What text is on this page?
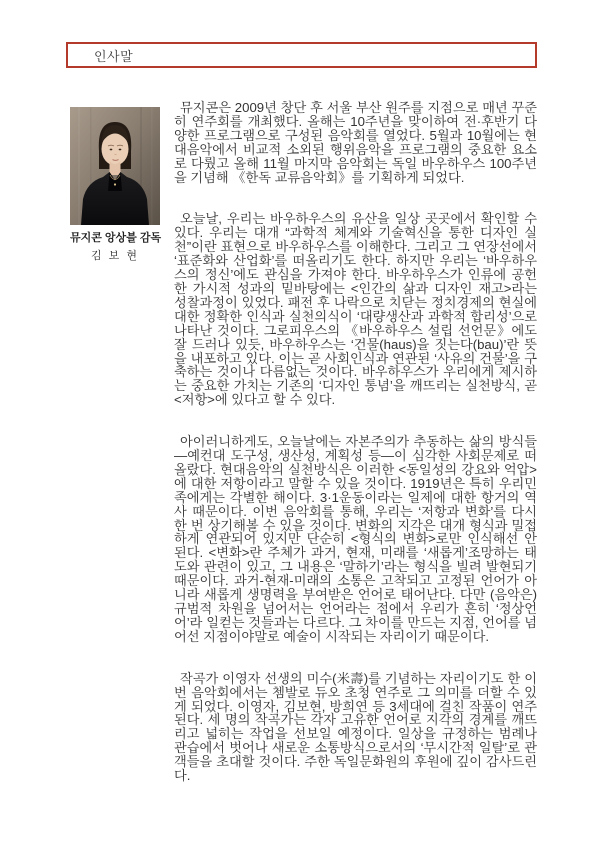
인사말
뮤지콘 앙상블 감독
김 보 현

뮤지콘은 2009년 창단 후 서울 부산 원주를 지점으로 매년 꾸준히 연주회를 개최했다. 올해는 10주년을 맞이하여 전·후반기 다양한 프로그램으로 구성된 음악회를 열었다. 5월과 10월에는 현대음악에서 비교적 소외된 행위음악을 프로그램의 중요한 요소로 다뤘고 올해 11월 마지막 음악회는 독일 바우하우스 100주년을 기념해 《한독 교류음악회》를 기획하게 되었다.

오늘날, 우리는 바우하우스의 유산을 일상 곳곳에서 확인할 수 있다. 우리는 대개 “과학적 체계와 기술혁신을 통한 디자인 실천”이란 표현으로 바우하우스를 이해한다. 그리고 그 연장선에서 ‘표준화와 산업화’를 떠올리기도 한다. 하지만 우리는 ‘바우하우스의 정신’에도 관심을 가져야 한다. 바우하우스가 인류에 공헌한 가시적 성과의 밑바탕에는 <인간의 삶과 디자인 재고>라는 성찰과정이 있었다. 패전 후 나락으로 치닫는 정치경제의 현실에 대한 정확한 인식과 실천의식이 ‘대량생산과 과학적 합리성’으로 나타난 것이다. 그로피우스의 《바우하우스 설립 선언문》에도 잘 드러나 있듯, 바우하우스는 ‘건물(haus)을 짓는다(bau)’란 뜻을 내포하고 있다. 이는 곧 사회인식과 연관된 ‘사유의 건물’을 구축하는 것이나 다름없는 것이다. 바우하우스가 우리에게 제시하는 중요한 가치는 기존의 ‘디자인 통념’을 깨뜨리는 실천방식, 곧 <저항>에 있다고 할 수 있다.

아이러니하게도, 오늘날에는 자본주의가 추동하는 삶의 방식들—예컨대 도구성, 생산성, 계획성 등—이 심각한 사회문제로 떠올랐다. 현대음악의 실천방식은 이러한 <동일성의 강요와 억압>에 대한 저항이라고 말할 수 있을 것이다. 1919년은 특히 우리민족에게는 각별한 해이다. 3·1운동이라는 일제에 대한 항거의 역사 때문이다. 이번 음악회를 통해, 우리는 ‘저항과 변화’를 다시 한 번 상기해볼 수 있을 것이다. 변화의 지각은 대개 형식과 밀접하게 연관되어 있지만 단순히 <형식의 변화>로만 인식해선 안 된다. <변화>란 주체가 과거, 현재, 미래를 ‘새롭게’조망하는 태도와 관련이 있고, 그 내용은 ‘말하기’라는 형식을 빌려 발현되기 때문이다. 과거-현재-미래의 소통은 고착되고 고정된 언어가 아니라 새롭게 생명력을 부여받은 언어로 태어난다. 다만 (음악은) 규범적 차원을 넘어서는 언어라는 점에서 우리가 흔히 ‘정상언어’라 일컫는 것들과는 다르다. 그 차이를 만드는 지점, 언어를 넘어선 지점이야말로 예술이 시작되는 자리이기 때문이다.

작곡가 이영자 선생의 미수(米壽)를 기념하는 자리이기도 한 이번 음악회에서는 쳄발로 듀오 초청 연주로 그 의미를 더할 수 있게 되었다. 이영자, 김보현, 방희연 등 3세대에 걸친 작품이 연주된다. 세 명의 작곡가는 각자 고유한 언어로 지각의 경계를 깨뜨리고 넓히는 작업을 선보일 예정이다. 일상을 규정하는 범례나 관습에서 벗어나 새로운 소통방식으로서의 ‘무시간적 일탈’로 관객들을 초대할 것이다. 주한 독일문화원의 후원에 깊이 감사드린다.
